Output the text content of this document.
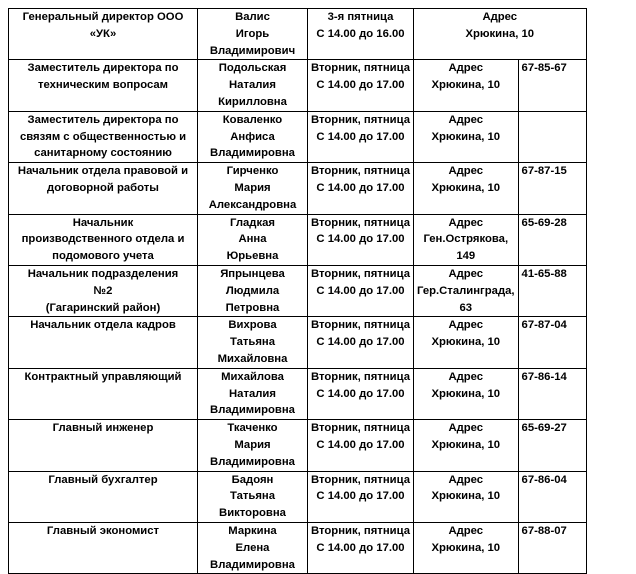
Генеральный директор ООО
«УК»	Валис
Игорь
Владимирович	3-я пятница
С 14.00 до 16.00	Адрес
Хрюкина, 10	

Заместитель директора по
техническим вопросам	Подольская
Наталия
Кирилловна	Вторник, пятница
С 14.00 до 17.00	Адрес
Хрюкина, 10	67-85-67

Заместитель директора по
связям с общественностью и
санитарному состоянию	Коваленко
Анфиса
Владимировна	Вторник, пятница
С 14.00 до 17.00	Адрес
Хрюкина, 10	

Начальник отдела правовой и
договорной работы	Гирченко
Мария
Александровна	Вторник, пятница
С 14.00 до 17.00	Адрес
Хрюкина, 10	67-87-15

Начальник
производственного отдела и
подомового учета	Гладкая
Анна
Юрьевна	Вторник, пятница
С 14.00 до 17.00	Адрес
Ген.Острякова,
149	65-69-28

Начальник подразделения
№2
(Гагаринский район)	Япрынцева
Людмила
Петровна	Вторник, пятница
С 14.00 до 17.00	Адрес
Гер.Сталинграда,
63	41-65-88

Начальник отдела кадров	Вихрова
Татьяна
Михайловна	Вторник, пятница
С 14.00 до 17.00	Адрес
Хрюкина, 10	67-87-04

Контрактный управляющий	Михайлова
Наталия
Владимировна	Вторник, пятница
С 14.00 до 17.00	Адрес
Хрюкина, 10	67-86-14

Главный инженер	Ткаченко
Мария
Владимировна	Вторник, пятница
С 14.00 до 17.00	Адрес
Хрюкина, 10	65-69-27

Главный бухгалтер	Бадоян
Татьяна
Викторовна	Вторник, пятница
С 14.00 до 17.00	Адрес
Хрюкина, 10	67-86-04

Главный экономист	Маркина
Елена
Владимировна	Вторник, пятница
С 14.00 до 17.00	Адрес
Хрюкина, 10	67-88-07
